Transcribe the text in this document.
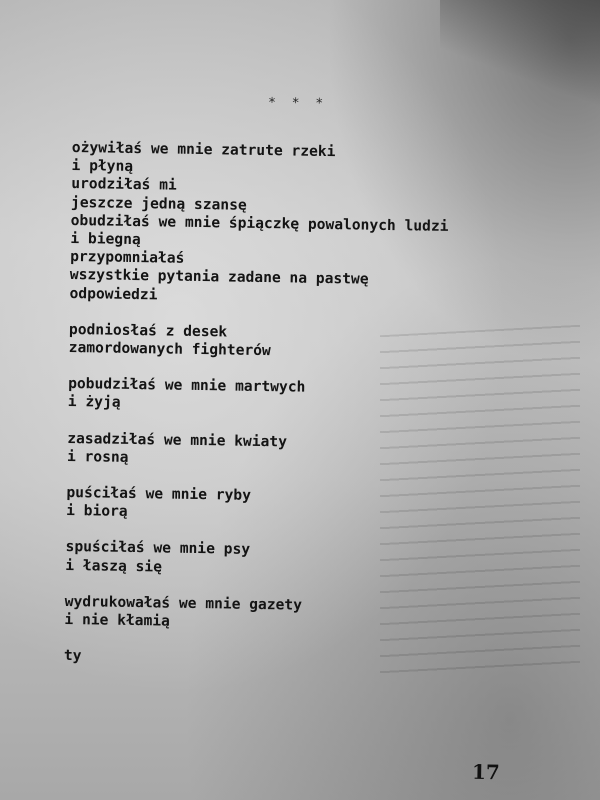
* * *
ożywiłaś we mnie zatrute rzeki
i płyną
urodziłaś mi
jeszcze jedną szansę
obudziłaś we mnie śpiączkę powalonych ludzi
i biegną
przypomniałaś
wszystkie pytania zadane na pastwę
odpowiedzi
podniosłaś z desek
zamordowanych fighterów
pobudziłaś we mnie martwych
i żyją
zasadziłaś we mnie kwiaty
i rosną
puściłaś we mnie ryby
i biorą
spuściłaś we mnie psy
i łaszą się
wydrukowałaś we mnie gazety
i nie kłamią
ty
17
